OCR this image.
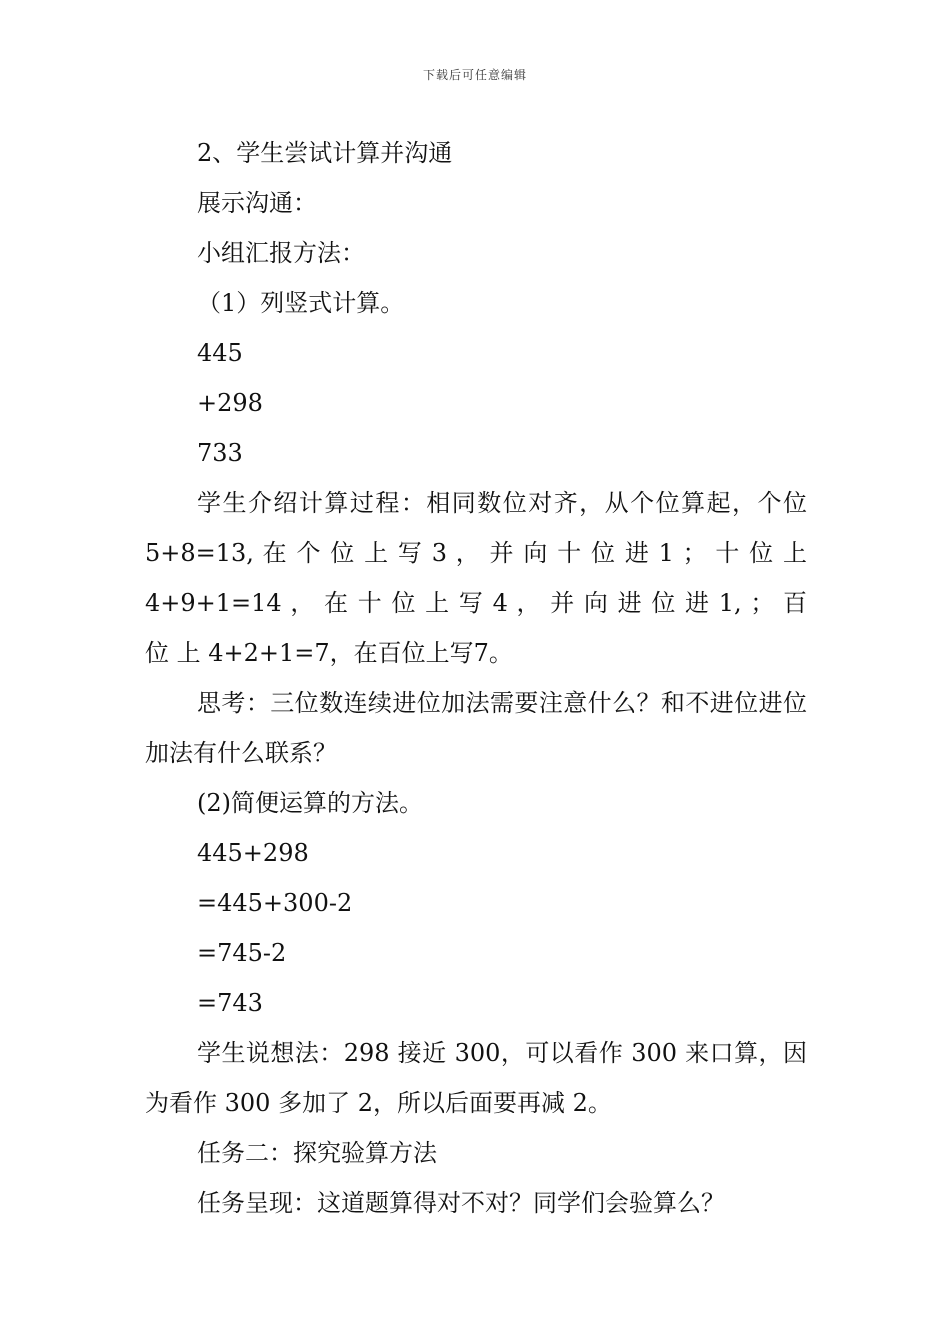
下载后可任意编辑

2、学生尝试计算并沟通

展示沟通：

小组汇报方法：

（1）列竖式计算。

445

+298

733

学生介绍计算过程：相同数位对齐，从个位算起，个位 5+8=13, 在 个 位 上 写 3 ， 并 向 十 位 进 1 ； 十 位 上 4+9+1=14 ， 在 十 位 上 写 4 ， 并 向 进 位 进 1, ； 百 位 上 4+2+1=7，在百位上写7。

思考：三位数连续进位加法需要注意什么？和不进位进位加法有什么联系？

(2)简便运算的方法。

445+298

=445+300-2

=745-2

=743

学生说想法：298 接近 300，可以看作 300 来口算，因为看作 300 多加了 2，所以后面要再减 2。

任务二：探究验算方法

任务呈现：这道题算得对不对？同学们会验算么？
